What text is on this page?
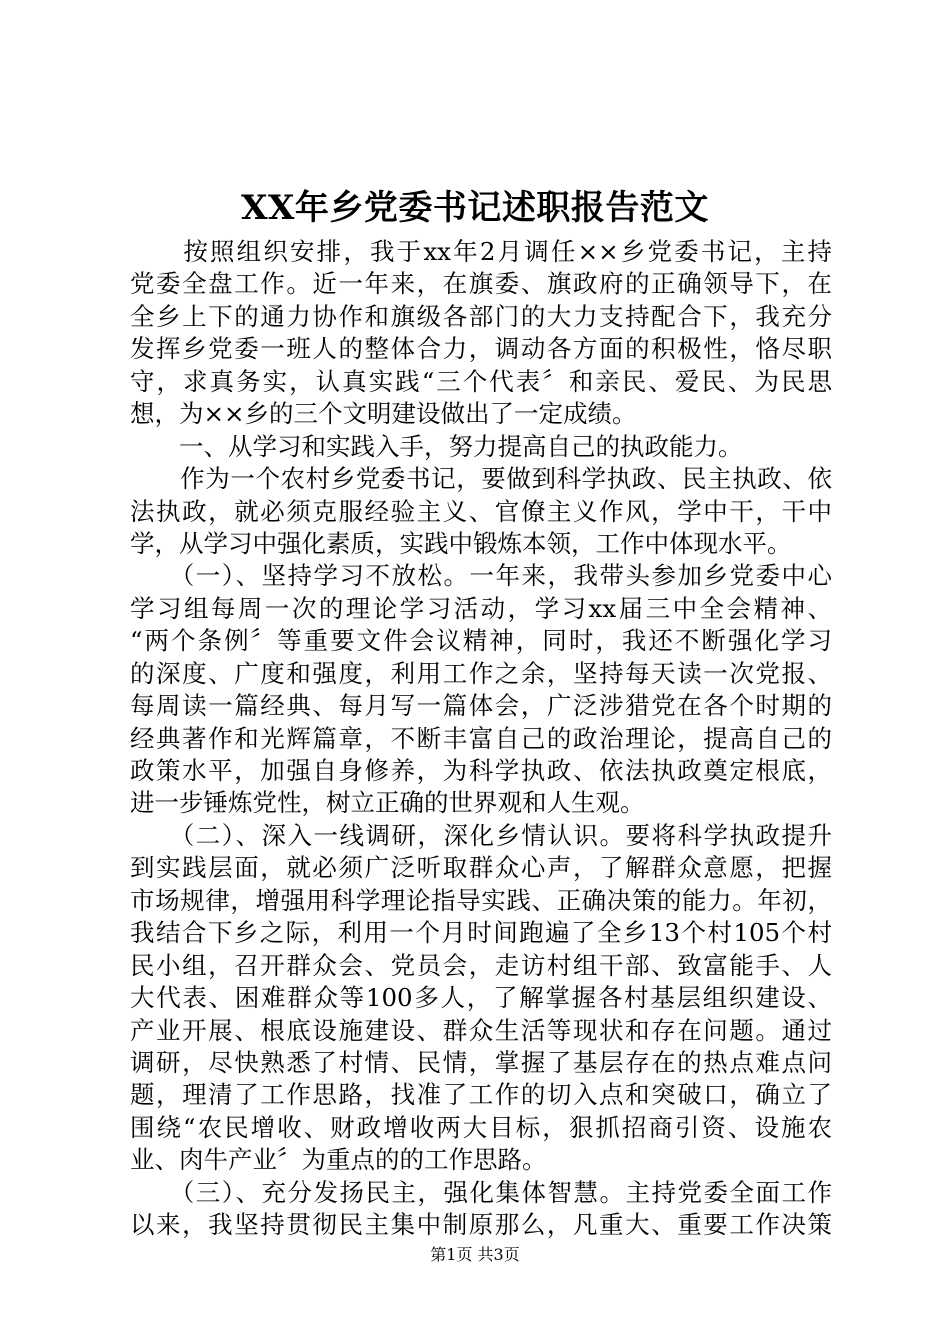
XX年乡党委书记述职报告范文
　　按照组织安排，我于xx年2月调任××乡党委书记，主持
党委全盘工作。近一年来，在旗委、旗政府的正确领导下，在
全乡上下的通力协作和旗级各部门的大力支持配合下，我充分
发挥乡党委一班人的整体合力，调动各方面的积极性，恪尽职
守，求真务实，认真实践“三个代表〞和亲民、爱民、为民思
想，为××乡的三个文明建设做出了一定成绩。
　　一、从学习和实践入手，努力提高自己的执政能力。
　　作为一个农村乡党委书记，要做到科学执政、民主执政、依
法执政，就必须克服经验主义、官僚主义作风，学中干，干中
学，从学习中强化素质，实践中锻炼本领，工作中体现水平。
　　（一）、坚持学习不放松。一年来，我带头参加乡党委中心
学习组每周一次的理论学习活动，学习xx届三中全会精神、
“两个条例〞等重要文件会议精神，同时，我还不断强化学习
的深度、广度和强度，利用工作之余，坚持每天读一次党报、
每周读一篇经典、每月写一篇体会，广泛涉猎党在各个时期的
经典著作和光辉篇章，不断丰富自己的政治理论，提高自己的
政策水平，加强自身修养，为科学执政、依法执政奠定根底，
进一步锤炼党性，树立正确的世界观和人生观。
　　（二）、深入一线调研，深化乡情认识。要将科学执政提升
到实践层面，就必须广泛听取群众心声，了解群众意愿，把握
市场规律，增强用科学理论指导实践、正确决策的能力。年初，
我结合下乡之际，利用一个月时间跑遍了全乡13个村105个村
民小组，召开群众会、党员会，走访村组干部、致富能手、人
大代表、困难群众等100多人，了解掌握各村基层组织建设、
产业开展、根底设施建设、群众生活等现状和存在问题。通过
调研，尽快熟悉了村情、民情，掌握了基层存在的热点难点问
题，理清了工作思路，找准了工作的切入点和突破口，确立了
围绕“农民增收、财政增收两大目标，狠抓招商引资、设施农
业、肉牛产业〞为重点的的工作思路。
　　（三）、充分发扬民主，强化集体智慧。主持党委全面工作
以来，我坚持贯彻民主集中制原那么，凡重大、重要工作决策
第1页 共3页
